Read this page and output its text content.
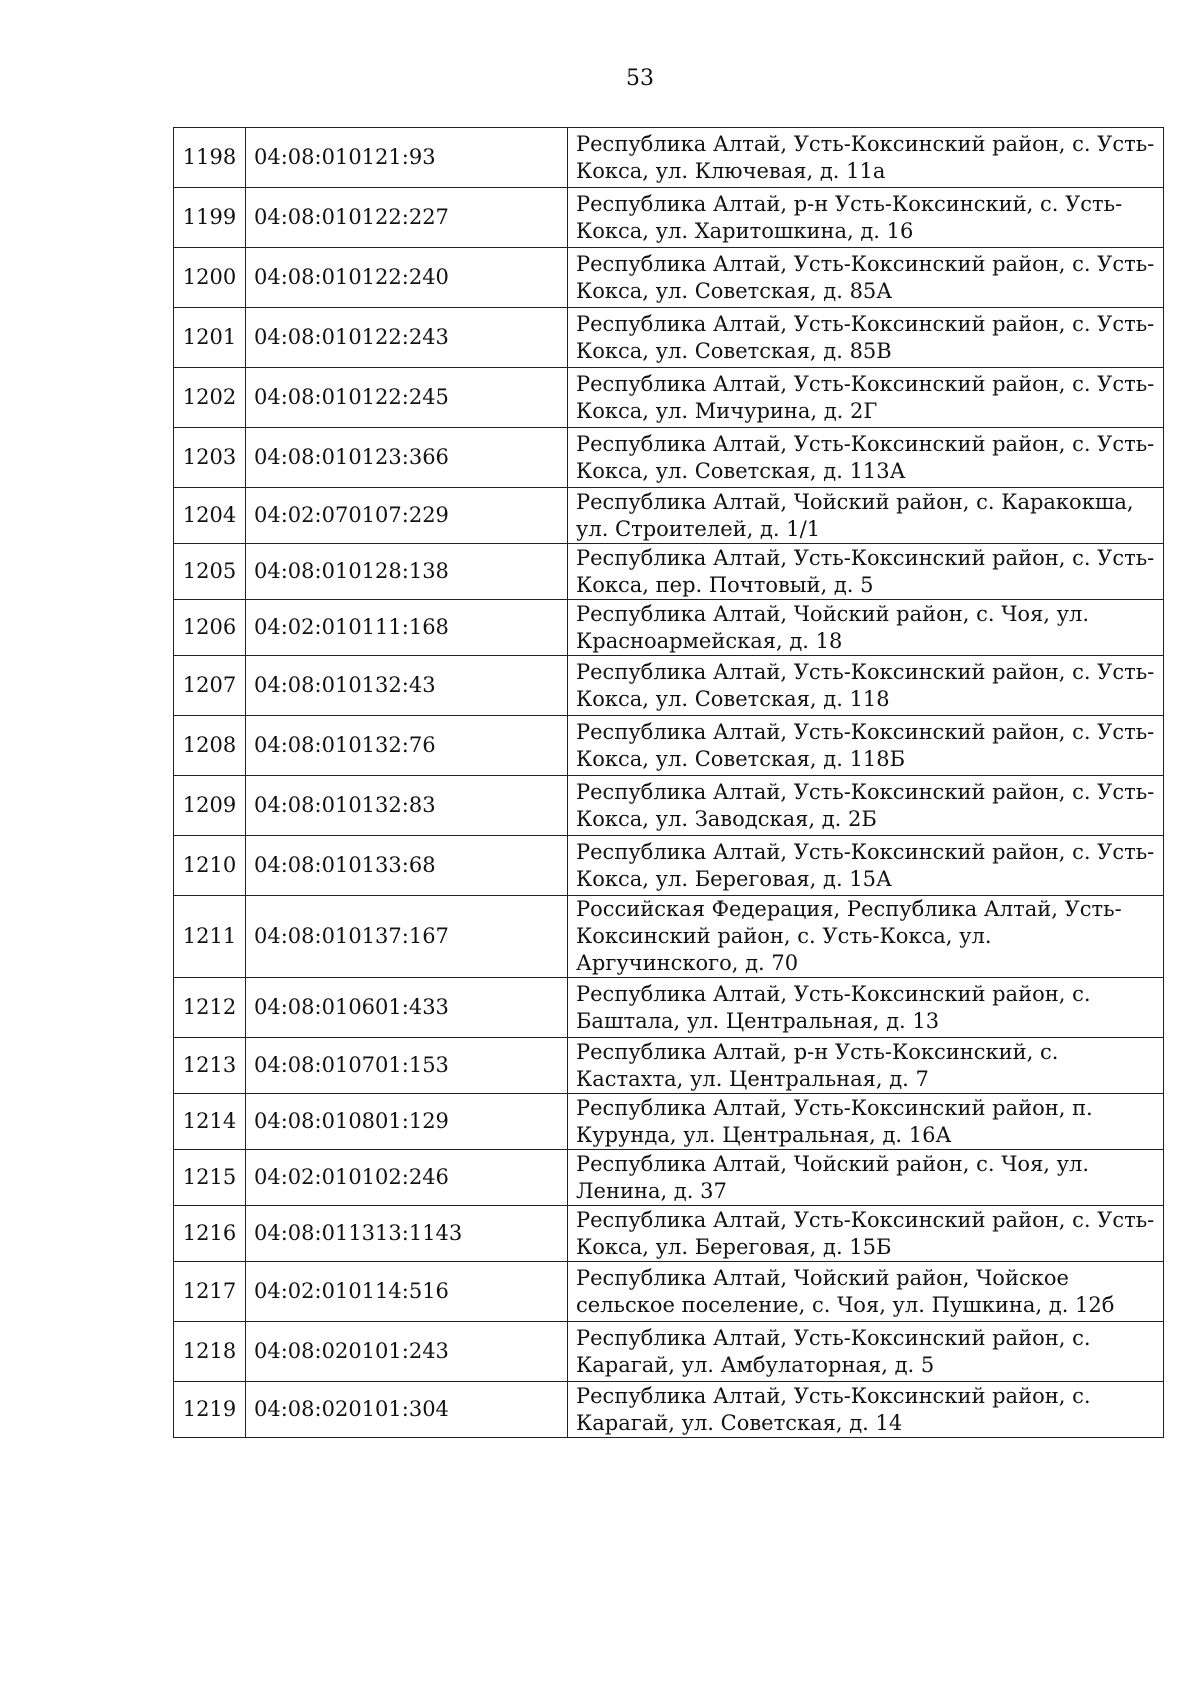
53
1198	04:08:010121:93	Республика Алтай, Усть-Коксинский район, с. Усть-Кокса, ул. Ключевая, д. 11а
1199	04:08:010122:227	Республика Алтай, р-н Усть-Коксинский, с. Усть-Кокса, ул. Харитошкина, д. 16
1200	04:08:010122:240	Республика Алтай, Усть-Коксинский район, с. Усть-Кокса, ул. Советская, д. 85А
1201	04:08:010122:243	Республика Алтай, Усть-Коксинский район, с. Усть-Кокса, ул. Советская, д. 85В
1202	04:08:010122:245	Республика Алтай, Усть-Коксинский район, с. Усть-Кокса, ул. Мичурина, д. 2Г
1203	04:08:010123:366	Республика Алтай, Усть-Коксинский район, с. Усть-Кокса, ул. Советская, д. 113А
1204	04:02:070107:229	Республика Алтай, Чойский район, с. Каракокша, ул. Строителей, д. 1/1
1205	04:08:010128:138	Республика Алтай, Усть-Коксинский район, с. Усть-Кокса, пер. Почтовый, д. 5
1206	04:02:010111:168	Республика Алтай, Чойский район, с. Чоя, ул. Красноармейская, д. 18
1207	04:08:010132:43	Республика Алтай, Усть-Коксинский район, с. Усть-Кокса, ул. Советская, д. 118
1208	04:08:010132:76	Республика Алтай, Усть-Коксинский район, с. Усть-Кокса, ул. Советская, д. 118Б
1209	04:08:010132:83	Республика Алтай, Усть-Коксинский район, с. Усть-Кокса, ул. Заводская, д. 2Б
1210	04:08:010133:68	Республика Алтай, Усть-Коксинский район, с. Усть-Кокса, ул. Береговая, д. 15А
1211	04:08:010137:167	Российская Федерация, Республика Алтай, Усть-Коксинский район, с. Усть-Кокса, ул. Аргучинского, д. 70
1212	04:08:010601:433	Республика Алтай, Усть-Коксинский район, с. Баштала, ул. Центральная, д. 13
1213	04:08:010701:153	Республика Алтай, р-н Усть-Коксинский, с. Кастахта, ул. Центральная, д. 7
1214	04:08:010801:129	Республика Алтай, Усть-Коксинский район, п. Курунда, ул. Центральная, д. 16А
1215	04:02:010102:246	Республика Алтай, Чойский район, с. Чоя, ул. Ленина, д. 37
1216	04:08:011313:1143	Республика Алтай, Усть-Коксинский район, с. Усть-Кокса, ул. Береговая, д. 15Б
1217	04:02:010114:516	Республика Алтай, Чойский район, Чойское сельское поселение, с. Чоя, ул. Пушкина, д. 12б
1218	04:08:020101:243	Республика Алтай, Усть-Коксинский район, с. Карагай, ул. Амбулаторная, д. 5
1219	04:08:020101:304	Республика Алтай, Усть-Коксинский район, с. Карагай, ул. Советская, д. 14
